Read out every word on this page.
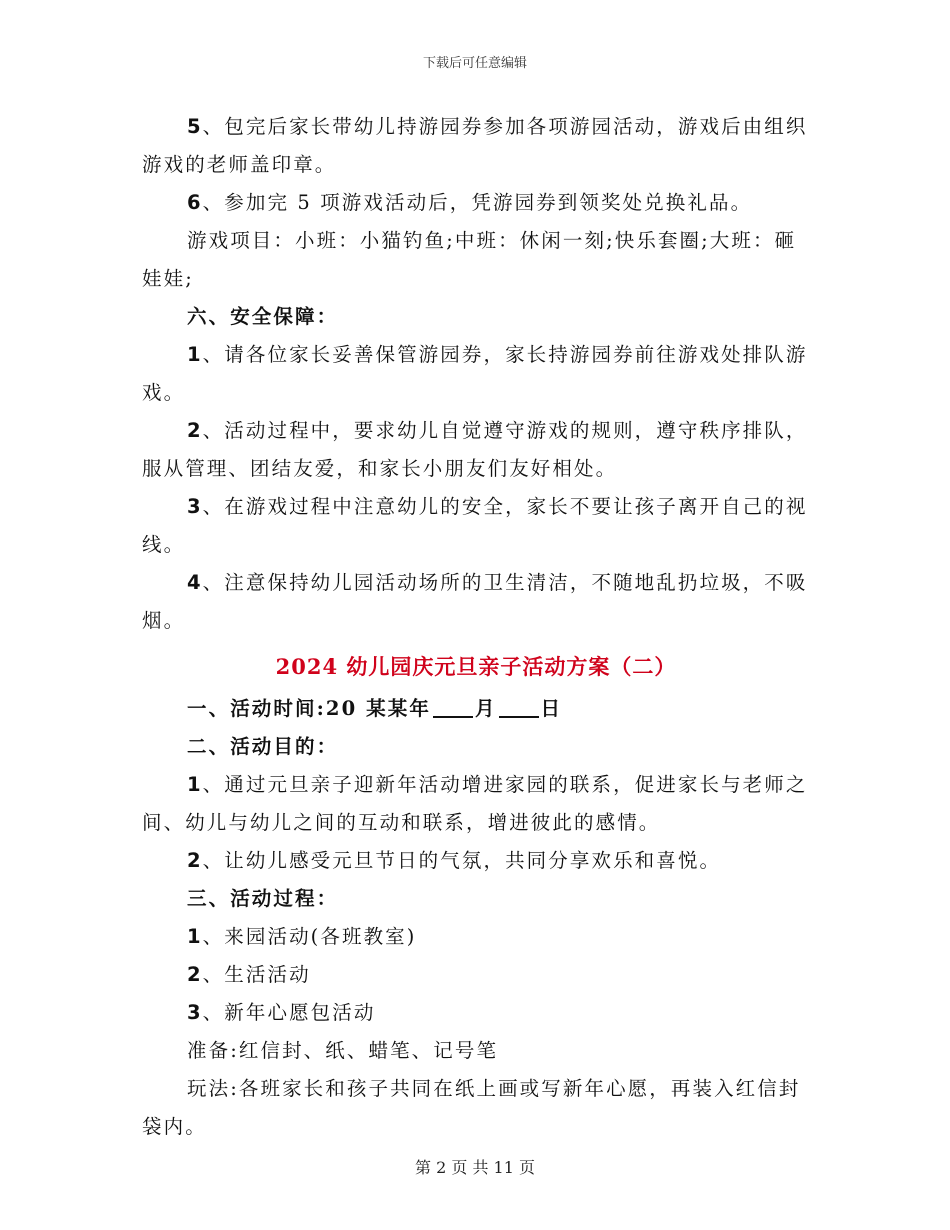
下载后可任意编辑
5、包完后家长带幼儿持游园券参加各项游园活动，游戏后由组织
游戏的老师盖印章。
6、参加完 5 项游戏活动后，凭游园券到领奖处兑换礼品。
游戏项目：小班：小猫钓鱼;中班：休闲一刻;快乐套圈;大班：砸
娃娃;
六、安全保障：
1、请各位家长妥善保管游园券，家长持游园券前往游戏处排队游
戏。
2、活动过程中，要求幼儿自觉遵守游戏的规则，遵守秩序排队，
服从管理、团结友爱，和家长小朋友们友好相处。
3、在游戏过程中注意幼儿的安全，家长不要让孩子离开自己的视
线。
4、注意保持幼儿园活动场所的卫生清洁，不随地乱扔垃圾，不吸
烟。
2024 幼儿园庆元旦亲子活动方案（二）
一、活动时间:20 某某年 月 日
二、活动目的：
1、通过元旦亲子迎新年活动增进家园的联系，促进家长与老师之
间、幼儿与幼儿之间的互动和联系，增进彼此的感情。
2、让幼儿感受元旦节日的气氛，共同分享欢乐和喜悦。
三、活动过程：
1、来园活动(各班教室)
2、生活活动
3、新年心愿包活动
准备:红信封、纸、蜡笔、记号笔
玩法:各班家长和孩子共同在纸上画或写新年心愿，再装入红信封
袋内。
第 2 页 共 11 页
